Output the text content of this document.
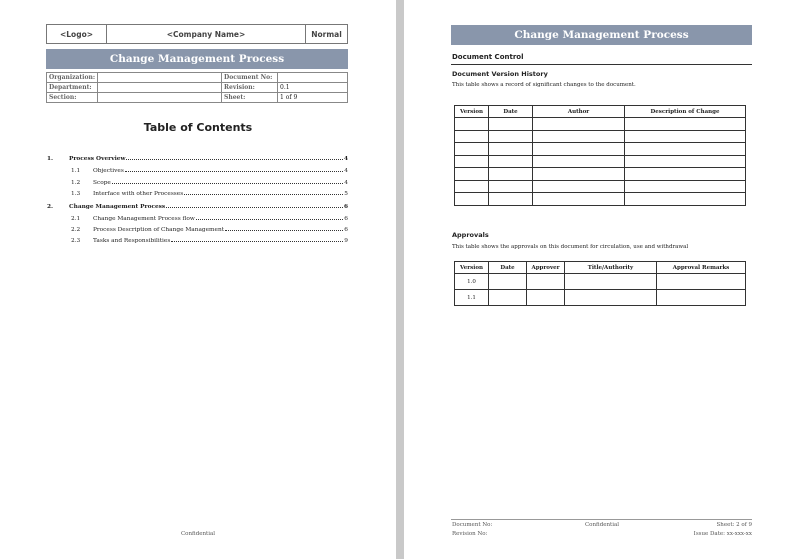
<Logo>	<Company Name>	Normal
Change Management Process
Organization:		Document No:	
Department:		Revision:	0.1
Section:		Sheet:	1 of 9
Table of Contents
1.	Process Overview	4
1.1	Objectives	4
1.2	Scope	4
1.3	Interface with other Processes	5
2.	Change Management Process	6
2.1	Change Management Process flow	6
2.2	Process Description of Change Management	6
2.3	Tasks and Responsibilities	9
Confidential
Change Management Process
Document Control
Document Version History
This table shows a record of significant changes to the document.
Version	Date	Author	Description of Change

Approvals
This table shows the approvals on this document for circulation, use and withdrawal
Version	Date	Approver	Title/Authority	Approval Remarks
1.0				
1.1				
Document No:
Revision No:
Confidential	Sheet: 2 of 9
Issue Date: xx-xxx-xx
